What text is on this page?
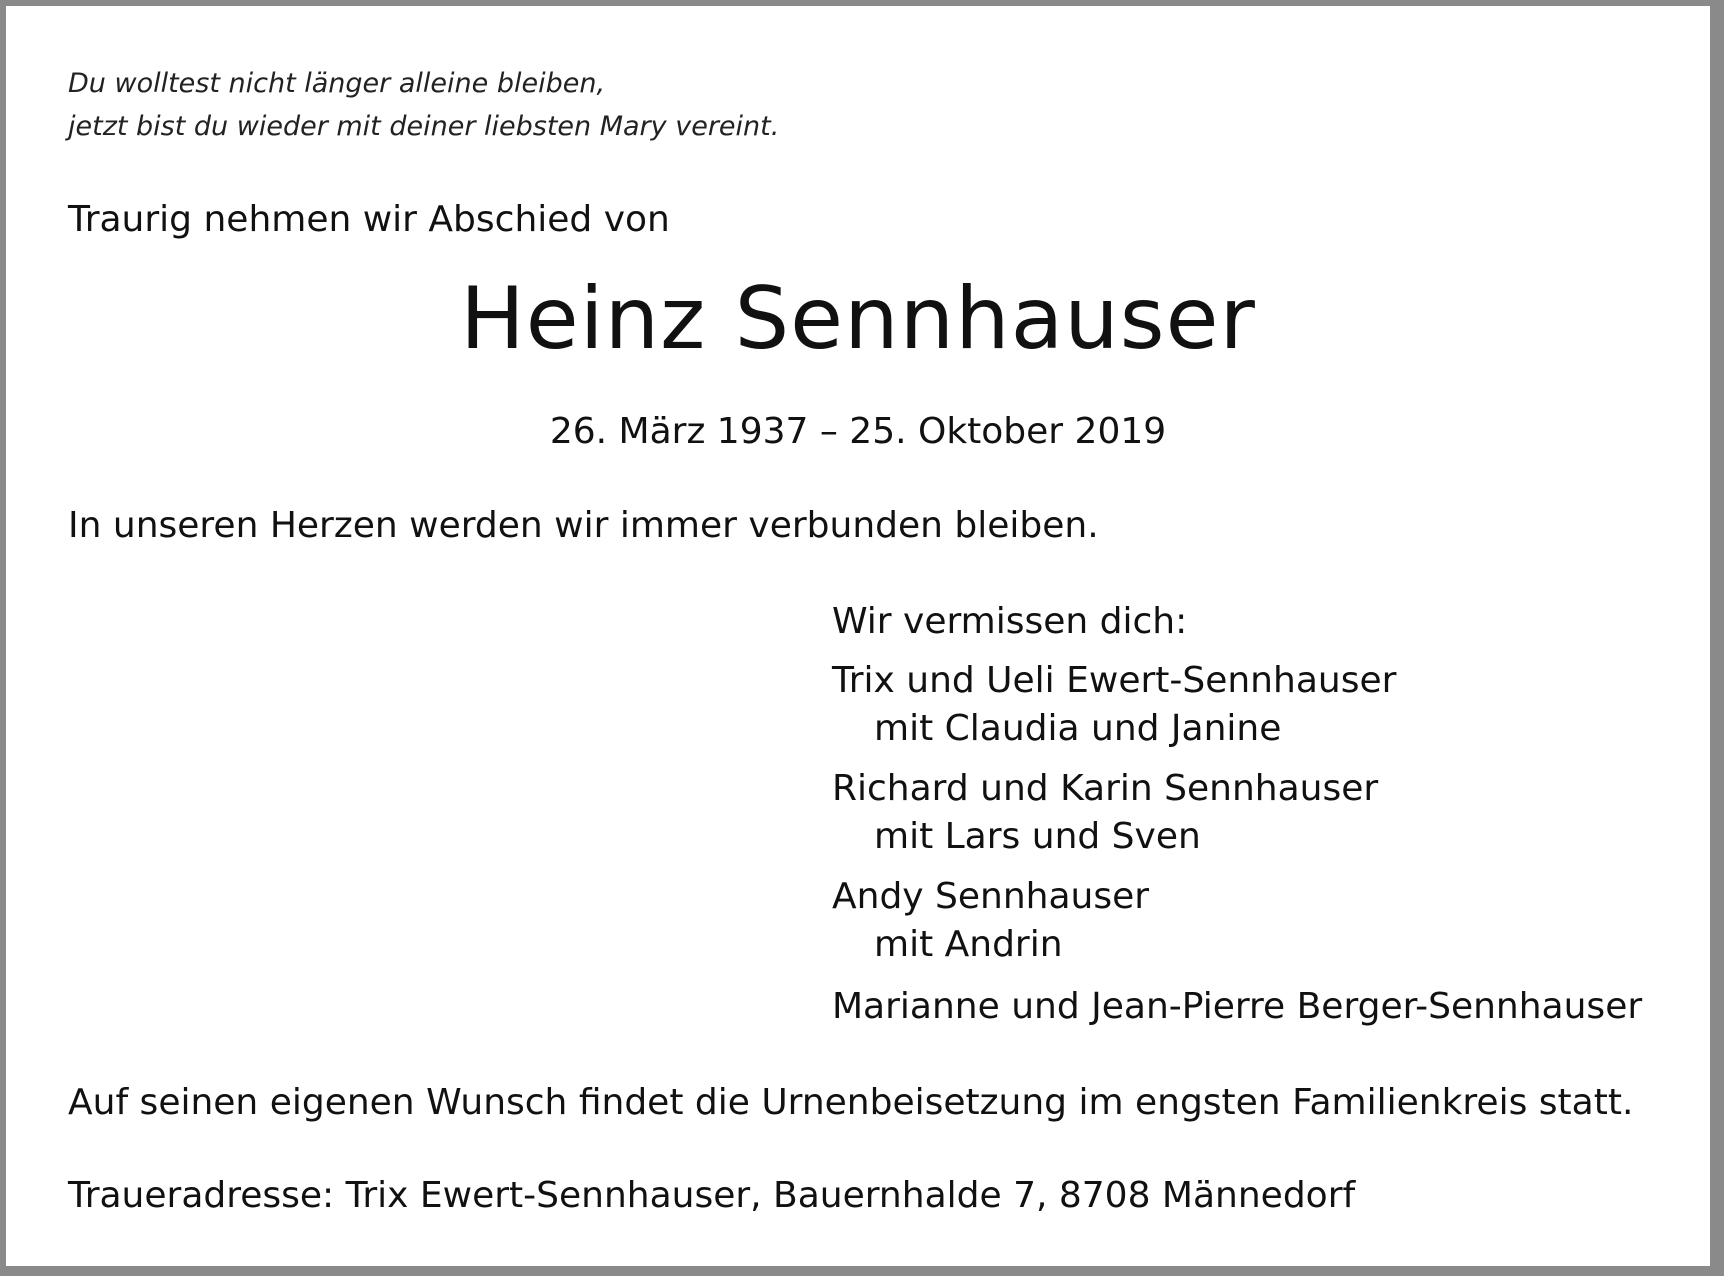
Du wolltest nicht länger alleine bleiben,
jetzt bist du wieder mit deiner liebsten Mary vereint.
Traurig nehmen wir Abschied von
Heinz Sennhauser
26. März 1937 – 25. Oktober 2019
In unseren Herzen werden wir immer verbunden bleiben.
Wir vermissen dich:
Trix und Ueli Ewert-Sennhauser
mit Claudia und Janine
Richard und Karin Sennhauser
mit Lars und Sven
Andy Sennhauser
mit Andrin
Marianne und Jean-Pierre Berger-Sennhauser
Auf seinen eigenen Wunsch findet die Urnenbeisetzung im engsten Familienkreis statt.
Traueradresse: Trix Ewert-Sennhauser, Bauernhalde 7, 8708 Männedorf
